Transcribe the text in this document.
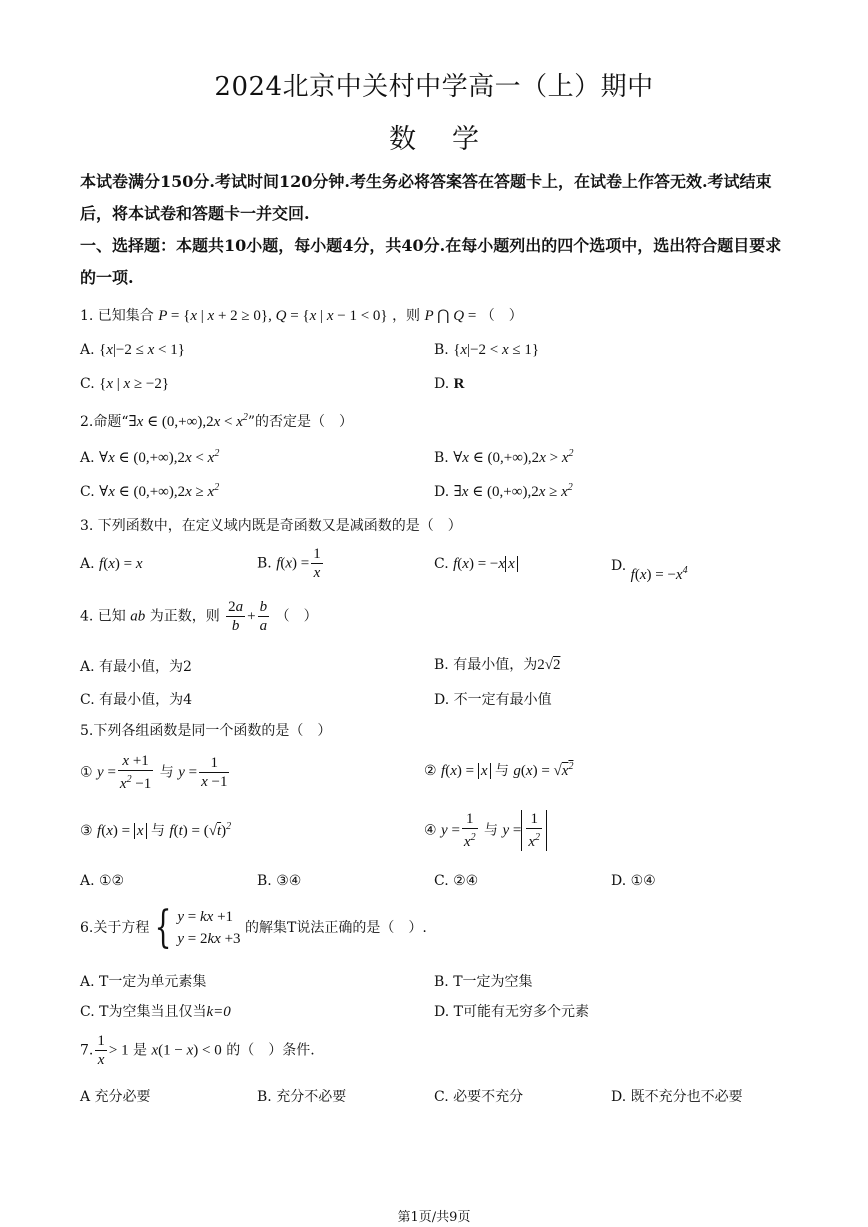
2024北京中关村中学高一（上）期中
数学
本试卷满分150分.考试时间120分钟.考生务必将答案答在答题卡上，在试卷上作答无效.考试结束后，将本试卷和答题卡一并交回.
一、选择题：本题共10小题，每小题4分，共40分.在每小题列出的四个选项中，选出符合题目要求的一项.
1. 已知集合 P = {x | x + 2 ≥ 0}, Q = {x | x − 1 < 0} ，则 P ⋂ Q = （　）
A. {x|−2 ≤ x < 1}	B. {x|−2 < x ≤ 1}
C. {x | x ≥ −2}	D. R
2.命题“∃x ∈ $(0,+\infty),2x < x^2$”的否定是（　）
A. ∀x ∈ $(0,+\infty),2x < x^2$	B. ∀x ∈ $(0,+\infty),2x > x^2$
C. ∀x ∈ $(0,+\infty),2x \ge x^2$	D. ∃x ∈ $(0,+\infty),2x \ge x^2$
3. 下列函数中，在定义域内既是奇函数又是减函数的是（　）
A. f(x) = x	B. $f(x) = \frac{1}{x}$	C. f(x) = −x x	D. $f(x) = -x^4$
4. 已知 ab 为正数，则 $\frac{2a}{b} + \frac{b}{a}$ （　）
A. 有最小值，为2	B. 有最小值，为2√2
C. 有最小值，为4	D. 不一定有最小值
5.下列各组函数是同一个函数的是（　）
① $y = \frac{x +1}{x^2 -1}$ 与 $y = \frac{1}{x -1}$	② f(x) = x 与 $g(x) = √x^2$
③ f(x) = x 与 $f(t) = (√t)^2$	④ $y = \frac{1}{x^2}$ 与 $y = \frac{1}{x^2}$
A. ①②	B. ③④	C. ②④	D. ①④
6.关于方程 { y = kx +1
y = 2kx +3
的解集T说法正确的是（　）.
A. T一定为单元素集	B. T一定为空集
C. T为空集当且仅当k=0	D. T可能有无穷多个元素
7. $\frac{1}{x} > 1$ 是 x(1 − x) < 0 的（　）条件.
A 充分必要	B. 充分不必要	C. 必要不充分	D. 既不充分也不必要
第1页/共9页
